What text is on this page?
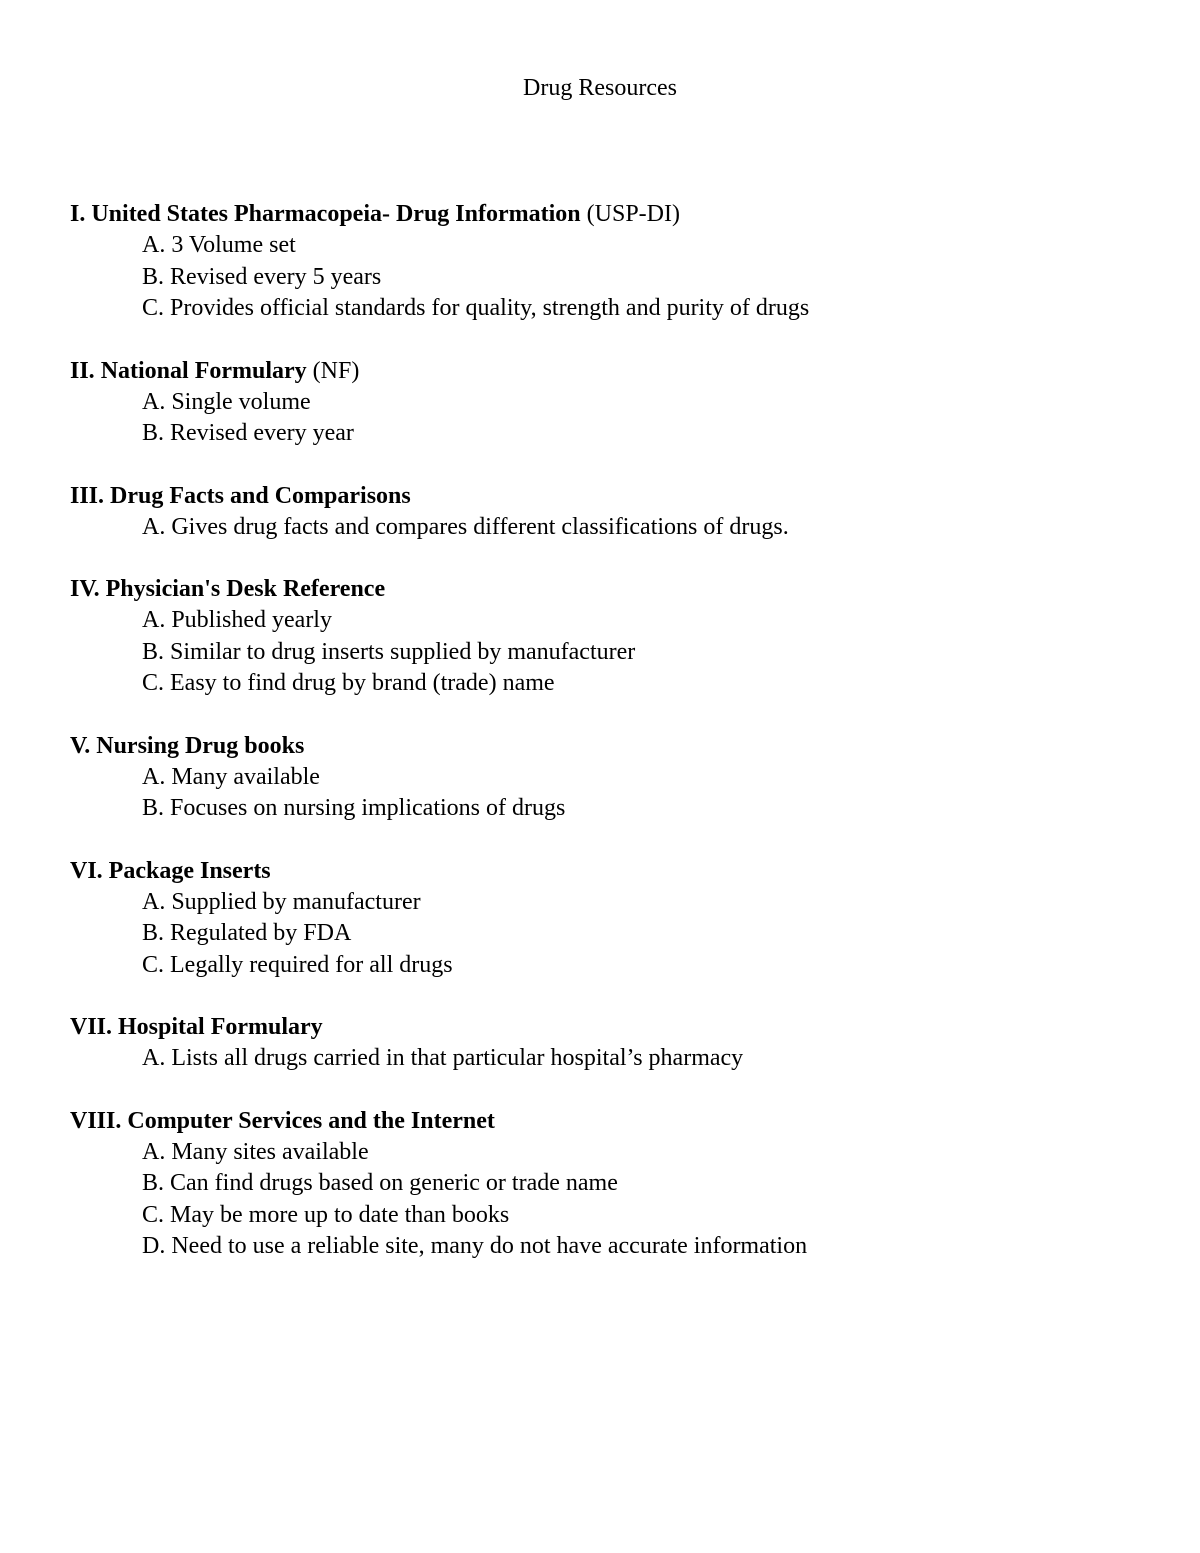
Drug Resources

I. United States Pharmacopeia- Drug Information (USP-DI)

A. 3 Volume set
B. Revised every 5 years
C. Provides official standards for quality, strength and purity of drugs

II. National Formulary (NF)

A. Single volume
B. Revised every year

III. Drug Facts and Comparisons

A. Gives drug facts and compares different classifications of drugs.

IV. Physician's Desk Reference

A. Published yearly
B. Similar to drug inserts supplied by manufacturer
C. Easy to find drug by brand (trade) name

V. Nursing Drug books

A. Many available
B. Focuses on nursing implications of drugs

VI. Package Inserts

A. Supplied by manufacturer
B. Regulated by FDA
C. Legally required for all drugs

VII. Hospital Formulary

A. Lists all drugs carried in that particular hospital’s pharmacy

VIII. Computer Services and the Internet

A. Many sites available
B. Can find drugs based on generic or trade name
C. May be more up to date than books
D. Need to use a reliable site, many do not have accurate information
